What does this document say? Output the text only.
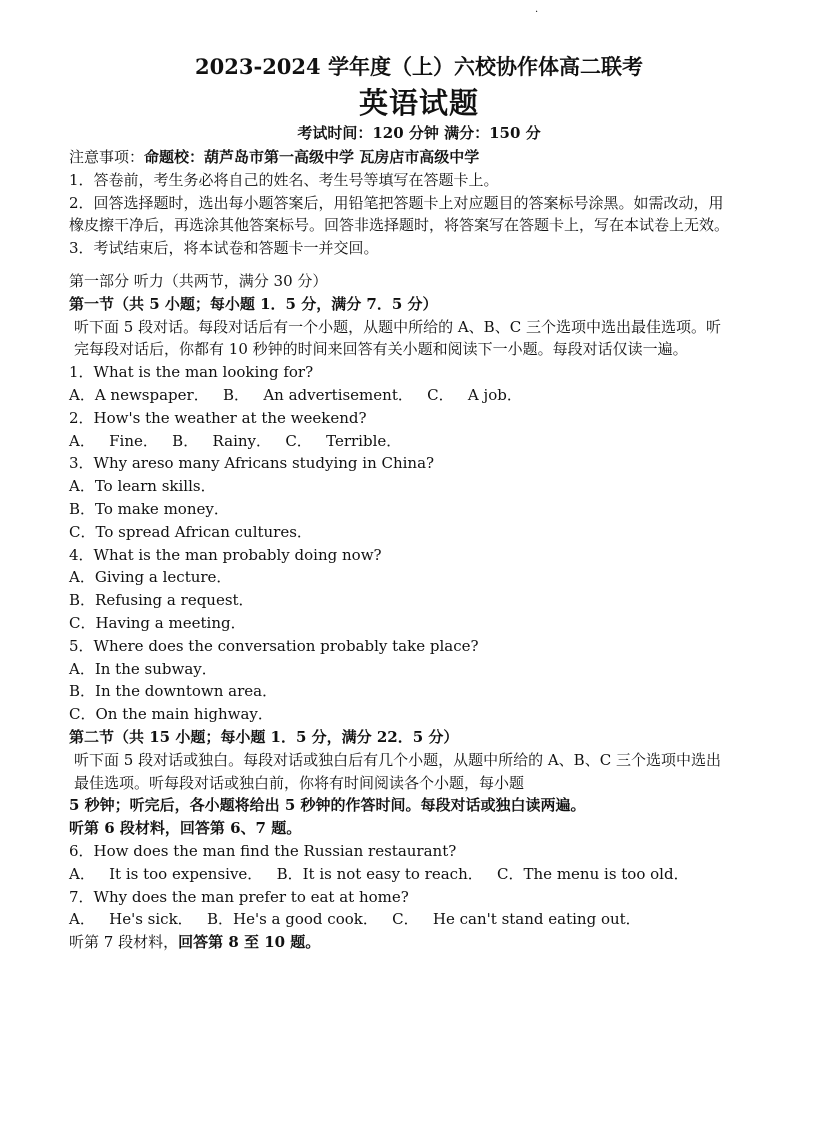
.
2023-2024 学年度（上）六校协作体高二联考
英语试题
考试时间：120 分钟 满分：150 分
注意事项：命题校：葫芦岛市第一高级中学 瓦房店市高级中学
1．答卷前，考生务必将自己的姓名、考生号等填写在答题卡上。
2．回答选择题时，选出每小题答案后，用铅笔把答题卡上对应题目的答案标号涂黑。如需改动，用橡皮擦干净后，再选涂其他答案标号。回答非选择题时，将答案写在答题卡上，写在本试卷上无效。
3．考试结束后，将本试卷和答题卡一并交回。
第一部分 听力（共两节，满分 30 分）
第一节（共 5 小题；每小题 1．5 分，满分 7．5 分）
听下面 5 段对话。每段对话后有一个小题，从题中所给的 A、B、C 三个选项中选出最佳选项。听完每段对话后，你都有 10 秒钟的时间来回答有关小题和阅读下一小题。每段对话仅读一遍。
1．What is the man looking for?
A．A newspaper．   B．   An advertisement．   C．   A job．
2．How's the weather at the weekend?
A．   Fine．   B．   Rainy．   C．   Terrible．
3．Why areso many Africans studying in China?
A．To learn skills．
B．To make money．
C．To spread African cultures．
4．What is the man probably doing now?
A．Giving a lecture．
B．Refusing a request．
C．Having a meeting．
5．Where does the conversation probably take place?
A．In the subway．
B．In the downtown area．
C．On the main highway．
第二节（共 15 小题；每小题 1．5 分，满分 22．5 分）
听下面 5 段对话或独白。每段对话或独白后有几个小题，从题中所给的 A、B、C 三个选项中选出最佳选项。听每段对话或独白前，你将有时间阅读各个小题，每小题
5 秒钟；听完后，各小题将给出 5 秒钟的作答时间。每段对话或独白读两遍。
听第 6 段材料，回答第 6、7 题。
6．How does the man find the Russian restaurant?
A．   It is too expensive．   B．It is not easy to reach．   C．The menu is too old．
7．Why does the man prefer to eat at home?
A．   He's sick．   B．He's a good cook．   C．   He can't stand eating out．
听第 7 段材料，回答第 8 至 10 题。
